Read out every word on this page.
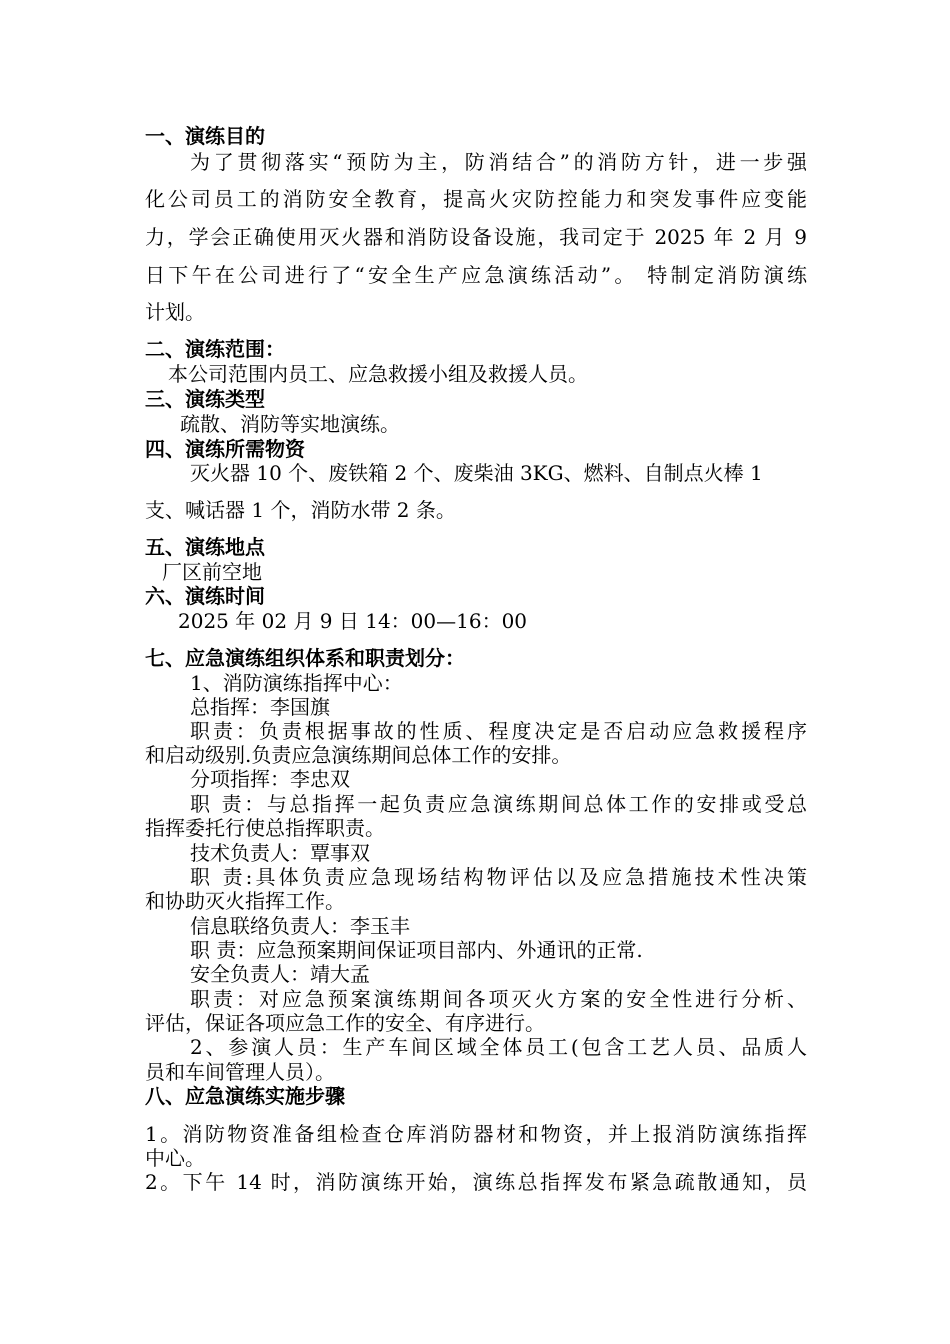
一、演练目的
为了贯彻落实“预防为主，防消结合”的消防方针，进一步强
化公司员工的消防安全教育，提高火灾防控能力和突发事件应变能
力，学会正确使用灭火器和消防设备设施，我司定于 2025 年 2 月 9
日下午在公司进行了“安全生产应急演练活动”。 特制定消防演练
计划。
二、演练范围：
本公司范围内员工、应急救援小组及救援人员。
三、演练类型
疏散、消防等实地演练。
四、演练所需物资
灭火器 10 个、废铁箱 2 个、废柴油 3KG、燃料、自制点火棒 1
支、喊话器 1 个，消防水带 2 条。
五、演练地点
厂区前空地
六、演练时间
2025 年 02 月 9 日 14：00—16：00
七、应急演练组织体系和职责划分：
1、消防演练指挥中心：
总指挥：李国旗
职责：负责根据事故的性质、程度决定是否启动应急救援程序
和启动级别.负责应急演练期间总体工作的安排。
分项指挥：李忠双
职 责：与总指挥一起负责应急演练期间总体工作的安排或受总
指挥委托行使总指挥职责。
技术负责人：覃事双
职 责:具体负责应急现场结构物评估以及应急措施技术性决策
和协助灭火指挥工作。
信息联络负责人：李玉丰
职 责：应急预案期间保证项目部内、外通讯的正常.
安全负责人：靖大孟
职责：对应急预案演练期间各项灭火方案的安全性进行分析、
评估，保证各项应急工作的安全、有序进行。
2、参演人员：生产车间区域全体员工(包含工艺人员、品质人
员和车间管理人员）。
八、应急演练实施步骤
1。消防物资准备组检查仓库消防器材和物资，并上报消防演练指挥
中心。
2。下午 14 时，消防演练开始，演练总指挥发布紧急疏散通知，员
